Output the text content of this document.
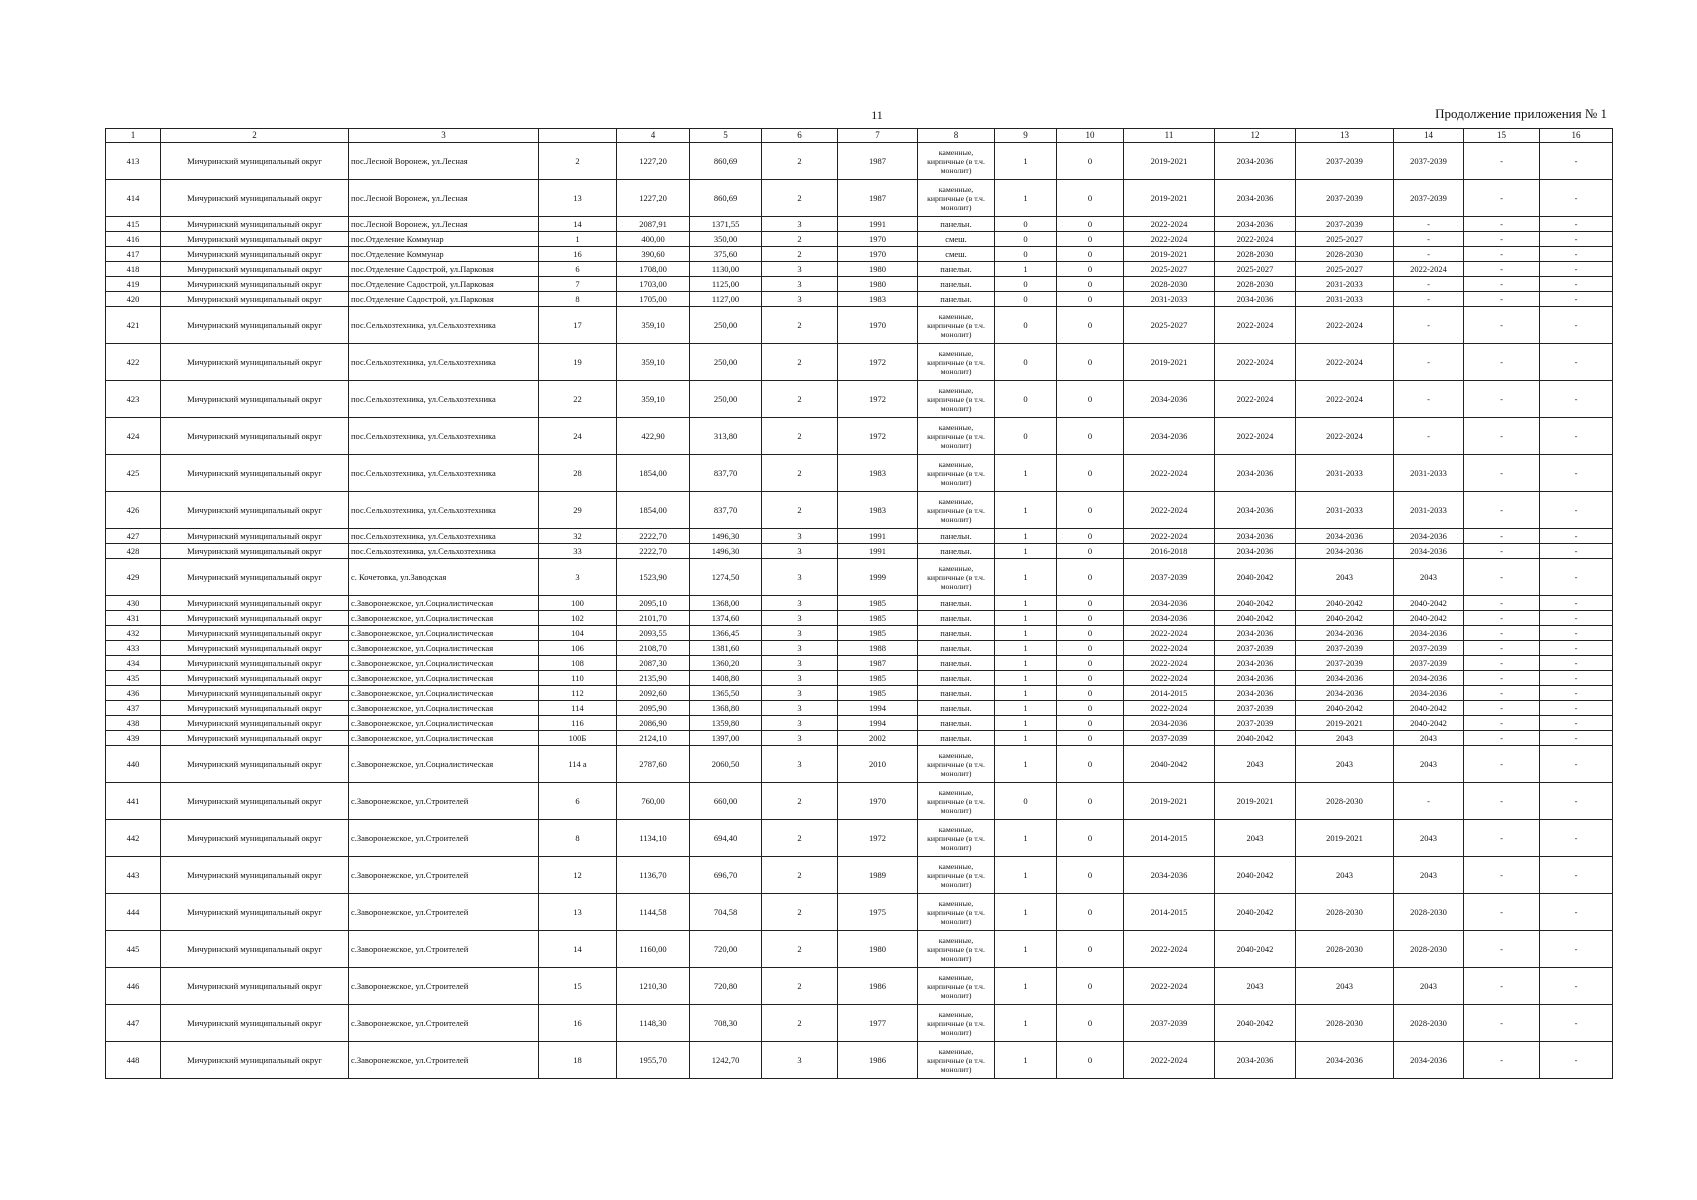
11	Продолжение приложения № 1
1	2	3		4	5	6	7	8	9	10	11	12	13	14	15	16
413	Мичуринский муниципальный округ	пос.Лесной Воронеж, ул.Лесная	2	1227,20	860,69	2	1987	каменные, кирпичные (в т.ч. монолит)	1	0	2019-2021	2034-2036	2037-2039	2037-2039	-	-
414	Мичуринский муниципальный округ	пос.Лесной Воронеж, ул.Лесная	13	1227,20	860,69	2	1987	каменные, кирпичные (в т.ч. монолит)	1	0	2019-2021	2034-2036	2037-2039	2037-2039	-	-
415	Мичуринский муниципальный округ	пос.Лесной Воронеж, ул.Лесная	14	2087,91	1371,55	3	1991	панельн.	0	0	2022-2024	2034-2036	2037-2039	-	-	-
416	Мичуринский муниципальный округ	пос.Отделение Коммунар	1	400,00	350,00	2	1970	смеш.	0	0	2022-2024	2022-2024	2025-2027	-	-	-
417	Мичуринский муниципальный округ	пос.Отделение Коммунар	16	390,60	375,60	2	1970	смеш.	0	0	2019-2021	2028-2030	2028-2030	-	-	-
418	Мичуринский муниципальный округ	пос.Отделение Садострой, ул.Парковая	6	1708,00	1130,00	3	1980	панельн.	1	0	2025-2027	2025-2027	2025-2027	2022-2024	-	-
419	Мичуринский муниципальный округ	пос.Отделение Садострой, ул.Парковая	7	1703,00	1125,00	3	1980	панельн.	0	0	2028-2030	2028-2030	2031-2033	-	-	-
420	Мичуринский муниципальный округ	пос.Отделение Садострой, ул.Парковая	8	1705,00	1127,00	3	1983	панельн.	0	0	2031-2033	2034-2036	2031-2033	-	-	-
421	Мичуринский муниципальный округ	пос.Сельхозтехника, ул.Сельхозтехника	17	359,10	250,00	2	1970	каменные, кирпичные (в т.ч. монолит)	0	0	2025-2027	2022-2024	2022-2024	-	-	-
422	Мичуринский муниципальный округ	пос.Сельхозтехника, ул.Сельхозтехника	19	359,10	250,00	2	1972	каменные, кирпичные (в т.ч. монолит)	0	0	2019-2021	2022-2024	2022-2024	-	-	-
423	Мичуринский муниципальный округ	пос.Сельхозтехника, ул.Сельхозтехника	22	359,10	250,00	2	1972	каменные, кирпичные (в т.ч. монолит)	0	0	2034-2036	2022-2024	2022-2024	-	-	-
424	Мичуринский муниципальный округ	пос.Сельхозтехника, ул.Сельхозтехника	24	422,90	313,80	2	1972	каменные, кирпичные (в т.ч. монолит)	0	0	2034-2036	2022-2024	2022-2024	-	-	-
425	Мичуринский муниципальный округ	пос.Сельхозтехника, ул.Сельхозтехника	28	1854,00	837,70	2	1983	каменные, кирпичные (в т.ч. монолит)	1	0	2022-2024	2034-2036	2031-2033	2031-2033	-	-
426	Мичуринский муниципальный округ	пос.Сельхозтехника, ул.Сельхозтехника	29	1854,00	837,70	2	1983	каменные, кирпичные (в т.ч. монолит)	1	0	2022-2024	2034-2036	2031-2033	2031-2033	-	-
427	Мичуринский муниципальный округ	пос.Сельхозтехника, ул.Сельхозтехника	32	2222,70	1496,30	3	1991	панельн.	1	0	2022-2024	2034-2036	2034-2036	2034-2036	-	-
428	Мичуринский муниципальный округ	пос.Сельхозтехника, ул.Сельхозтехника	33	2222,70	1496,30	3	1991	панельн.	1	0	2016-2018	2034-2036	2034-2036	2034-2036	-	-
429	Мичуринский муниципальный округ	с. Кочетовка, ул.Заводская	3	1523,90	1274,50	3	1999	каменные, кирпичные (в т.ч. монолит)	1	0	2037-2039	2040-2042	2043	2043	-	-
430	Мичуринский муниципальный округ	с.Заворонежское, ул.Социалистическая	100	2095,10	1368,00	3	1985	панельн.	1	0	2034-2036	2040-2042	2040-2042	2040-2042	-	-
431	Мичуринский муниципальный округ	с.Заворонежское, ул.Социалистическая	102	2101,70	1374,60	3	1985	панельн.	1	0	2034-2036	2040-2042	2040-2042	2040-2042	-	-
432	Мичуринский муниципальный округ	с.Заворонежское, ул.Социалистическая	104	2093,55	1366,45	3	1985	панельн.	1	0	2022-2024	2034-2036	2034-2036	2034-2036	-	-
433	Мичуринский муниципальный округ	с.Заворонежское, ул.Социалистическая	106	2108,70	1381,60	3	1988	панельн.	1	0	2022-2024	2037-2039	2037-2039	2037-2039	-	-
434	Мичуринский муниципальный округ	с.Заворонежское, ул.Социалистическая	108	2087,30	1360,20	3	1987	панельн.	1	0	2022-2024	2034-2036	2037-2039	2037-2039	-	-
435	Мичуринский муниципальный округ	с.Заворонежское, ул.Социалистическая	110	2135,90	1408,80	3	1985	панельн.	1	0	2022-2024	2034-2036	2034-2036	2034-2036	-	-
436	Мичуринский муниципальный округ	с.Заворонежское, ул.Социалистическая	112	2092,60	1365,50	3	1985	панельн.	1	0	2014-2015	2034-2036	2034-2036	2034-2036	-	-
437	Мичуринский муниципальный округ	с.Заворонежское, ул.Социалистическая	114	2095,90	1368,80	3	1994	панельн.	1	0	2022-2024	2037-2039	2040-2042	2040-2042	-	-
438	Мичуринский муниципальный округ	с.Заворонежское, ул.Социалистическая	116	2086,90	1359,80	3	1994	панельн.	1	0	2034-2036	2037-2039	2019-2021	2040-2042	-	-
439	Мичуринский муниципальный округ	с.Заворонежское, ул.Социалистическая	100Б	2124,10	1397,00	3	2002	панельн.	1	0	2037-2039	2040-2042	2043	2043	-	-
440	Мичуринский муниципальный округ	с.Заворонежское, ул.Социалистическая	114 а	2787,60	2060,50	3	2010	каменные, кирпичные (в т.ч. монолит)	1	0	2040-2042	2043	2043	2043	-	-
441	Мичуринский муниципальный округ	с.Заворонежское, ул.Строителей	6	760,00	660,00	2	1970	каменные, кирпичные (в т.ч. монолит)	0	0	2019-2021	2019-2021	2028-2030	-	-	-
442	Мичуринский муниципальный округ	с.Заворонежское, ул.Строителей	8	1134,10	694,40	2	1972	каменные, кирпичные (в т.ч. монолит)	1	0	2014-2015	2043	2019-2021	2043	-	-
443	Мичуринский муниципальный округ	с.Заворонежское, ул.Строителей	12	1136,70	696,70	2	1989	каменные, кирпичные (в т.ч. монолит)	1	0	2034-2036	2040-2042	2043	2043	-	-
444	Мичуринский муниципальный округ	с.Заворонежское, ул.Строителей	13	1144,58	704,58	2	1975	каменные, кирпичные (в т.ч. монолит)	1	0	2014-2015	2040-2042	2028-2030	2028-2030	-	-
445	Мичуринский муниципальный округ	с.Заворонежское, ул.Строителей	14	1160,00	720,00	2	1980	каменные, кирпичные (в т.ч. монолит)	1	0	2022-2024	2040-2042	2028-2030	2028-2030	-	-
446	Мичуринский муниципальный округ	с.Заворонежское, ул.Строителей	15	1210,30	720,80	2	1986	каменные, кирпичные (в т.ч. монолит)	1	0	2022-2024	2043	2043	2043	-	-
447	Мичуринский муниципальный округ	с.Заворонежское, ул.Строителей	16	1148,30	708,30	2	1977	каменные, кирпичные (в т.ч. монолит)	1	0	2037-2039	2040-2042	2028-2030	2028-2030	-	-
448	Мичуринский муниципальный округ	с.Заворонежское, ул.Строителей	18	1955,70	1242,70	3	1986	каменные, кирпичные (в т.ч. монолит)	1	0	2022-2024	2034-2036	2034-2036	2034-2036	-	-
